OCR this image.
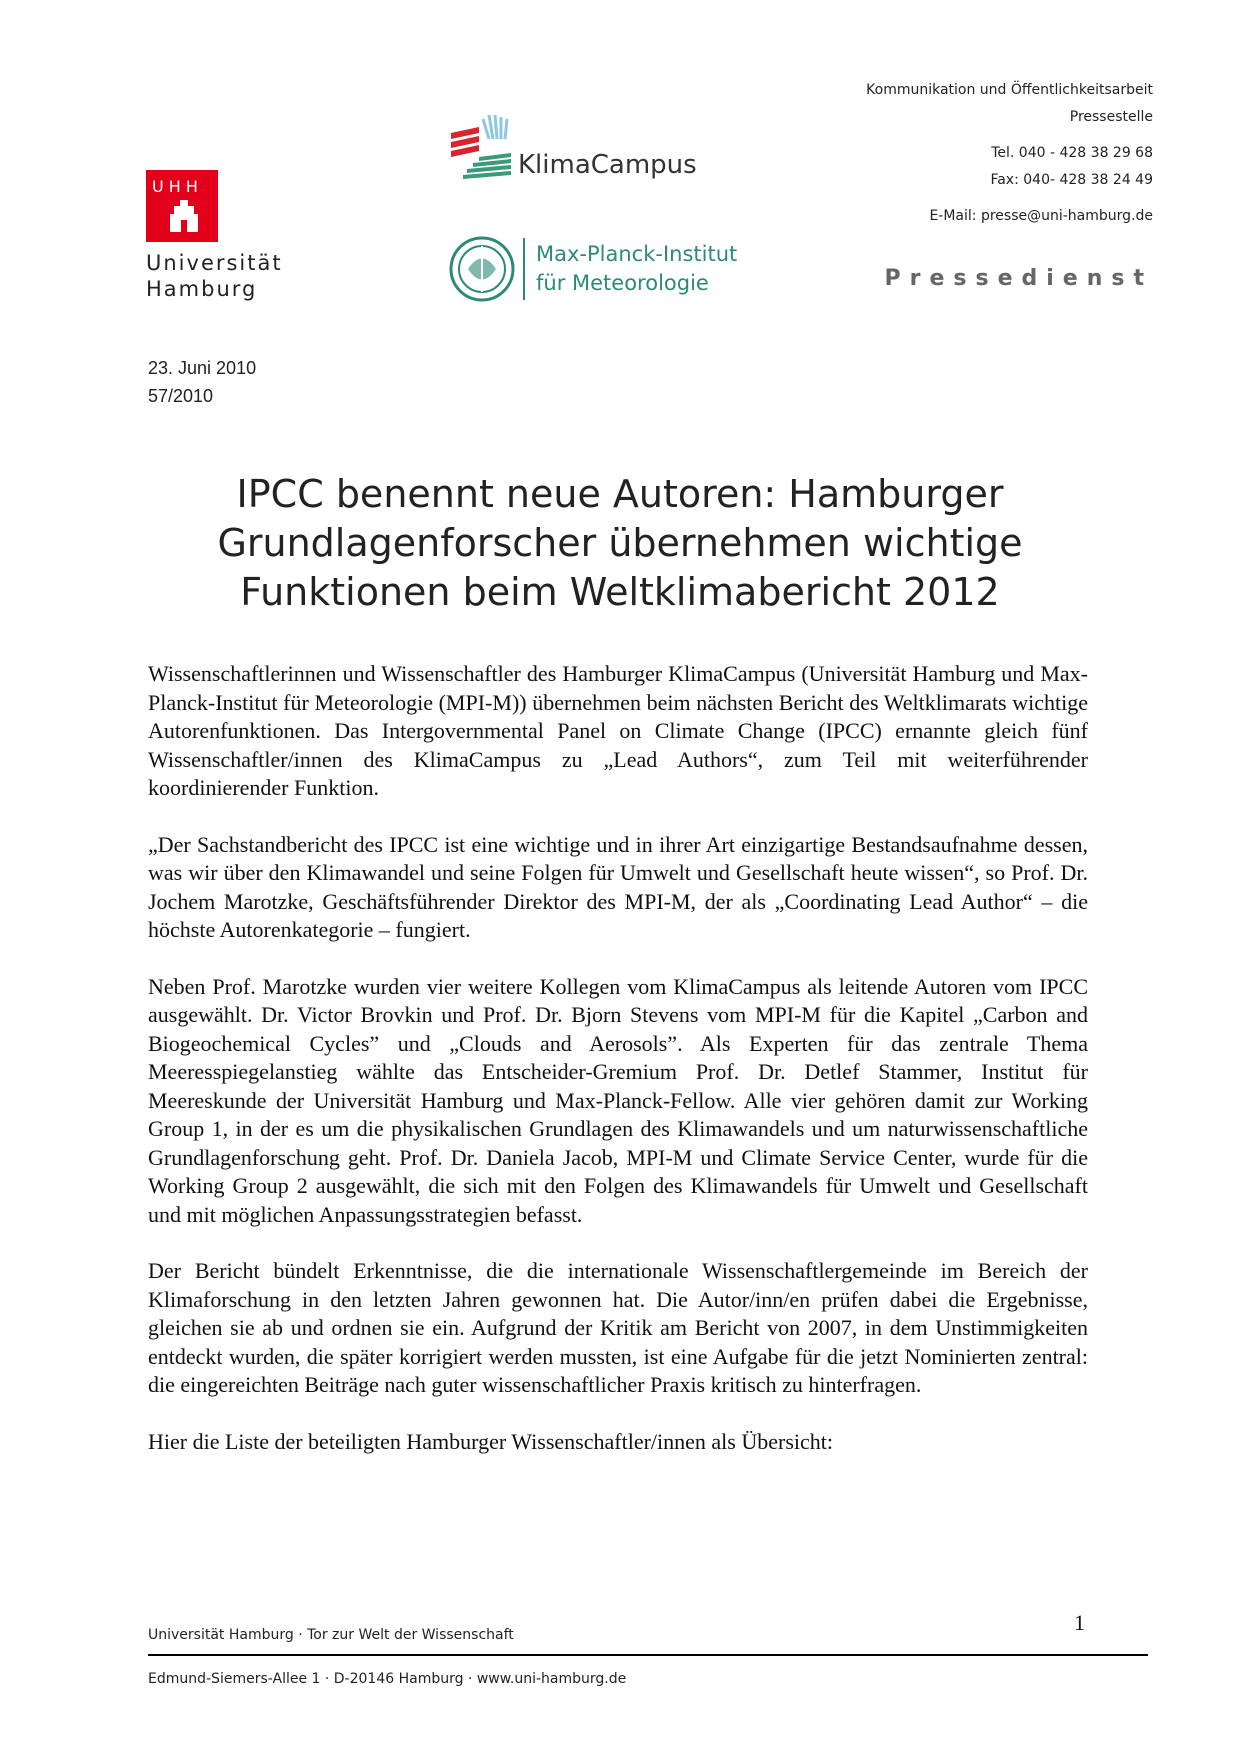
Kommunikation und Öffentlichkeitsarbeit
Pressestelle
Tel. 040 - 428 38 29 68
Fax: 040- 428 38 24 49
E-Mail: presse@uni-hamburg.de
Pressedienst
U H H
Universität
Hamburg
KlimaCampus
Max-Planck-Institut
für Meteorologie
23. Juni 2010
57/2010
IPCC benennt neue Autoren: Hamburger
Grundlagenforscher übernehmen wichtige
Funktionen beim Weltklimabericht 2012

Wissenschaftlerinnen und Wissenschaftler des Hamburger KlimaCampus (Universität Hamburg und Max-Planck-Institut für Meteorologie (MPI-M)) übernehmen beim nächsten Bericht des Weltklimarats wichtige Autorenfunktionen. Das Intergovernmental Panel on Climate Change (IPCC) ernannte gleich fünf Wissenschaftler/innen des KlimaCampus zu „Lead Authors“, zum Teil mit weiterführender koordinierender Funktion.

„Der Sachstandbericht des IPCC ist eine wichtige und in ihrer Art einzigartige Bestandsaufnahme dessen, was wir über den Klimawandel und seine Folgen für Umwelt und Gesellschaft heute wissen“, so Prof. Dr. Jochem Marotzke, Geschäftsführender Direktor des MPI-M, der als „Coordinating Lead Author“ – die höchste Autorenkategorie – fungiert.

Neben Prof. Marotzke wurden vier weitere Kollegen vom KlimaCampus als leitende Autoren vom IPCC ausgewählt. Dr. Victor Brovkin und Prof. Dr. Bjorn Stevens vom MPI-M für die Kapitel „Carbon and Biogeochemical Cycles” und „Clouds and Aerosols”. Als Experten für das zentrale Thema Meeresspiegelanstieg wählte das Entscheider-Gremium Prof. Dr. Detlef Stammer, Institut für Meereskunde der Universität Hamburg und Max-Planck-Fellow. Alle vier gehören damit zur Working Group 1, in der es um die physikalischen Grundlagen des Klimawandels und um naturwissenschaftliche Grundlagenforschung geht. Prof. Dr. Daniela Jacob, MPI-M und Climate Service Center, wurde für die Working Group 2 ausgewählt, die sich mit den Folgen des Klimawandels für Umwelt und Gesellschaft und mit möglichen Anpassungsstrategien befasst.

Der Bericht bündelt Erkenntnisse, die die internationale Wissenschaftlergemeinde im Bereich der Klimaforschung in den letzten Jahren gewonnen hat. Die Autor/inn/en prüfen dabei die Ergebnisse, gleichen sie ab und ordnen sie ein. Aufgrund der Kritik am Bericht von 2007, in dem Unstimmigkeiten entdeckt wurden, die später korrigiert werden mussten, ist eine Aufgabe für die jetzt Nominierten zentral: die eingereichten Beiträge nach guter wissenschaftlicher Praxis kritisch zu hinterfragen.

Hier die Liste der beteiligten Hamburger Wissenschaftler/innen als Übersicht:

1
Universität Hamburg · Tor zur Welt der Wissenschaft
Edmund-Siemers-Allee 1 · D-20146 Hamburg · www.uni-hamburg.de
